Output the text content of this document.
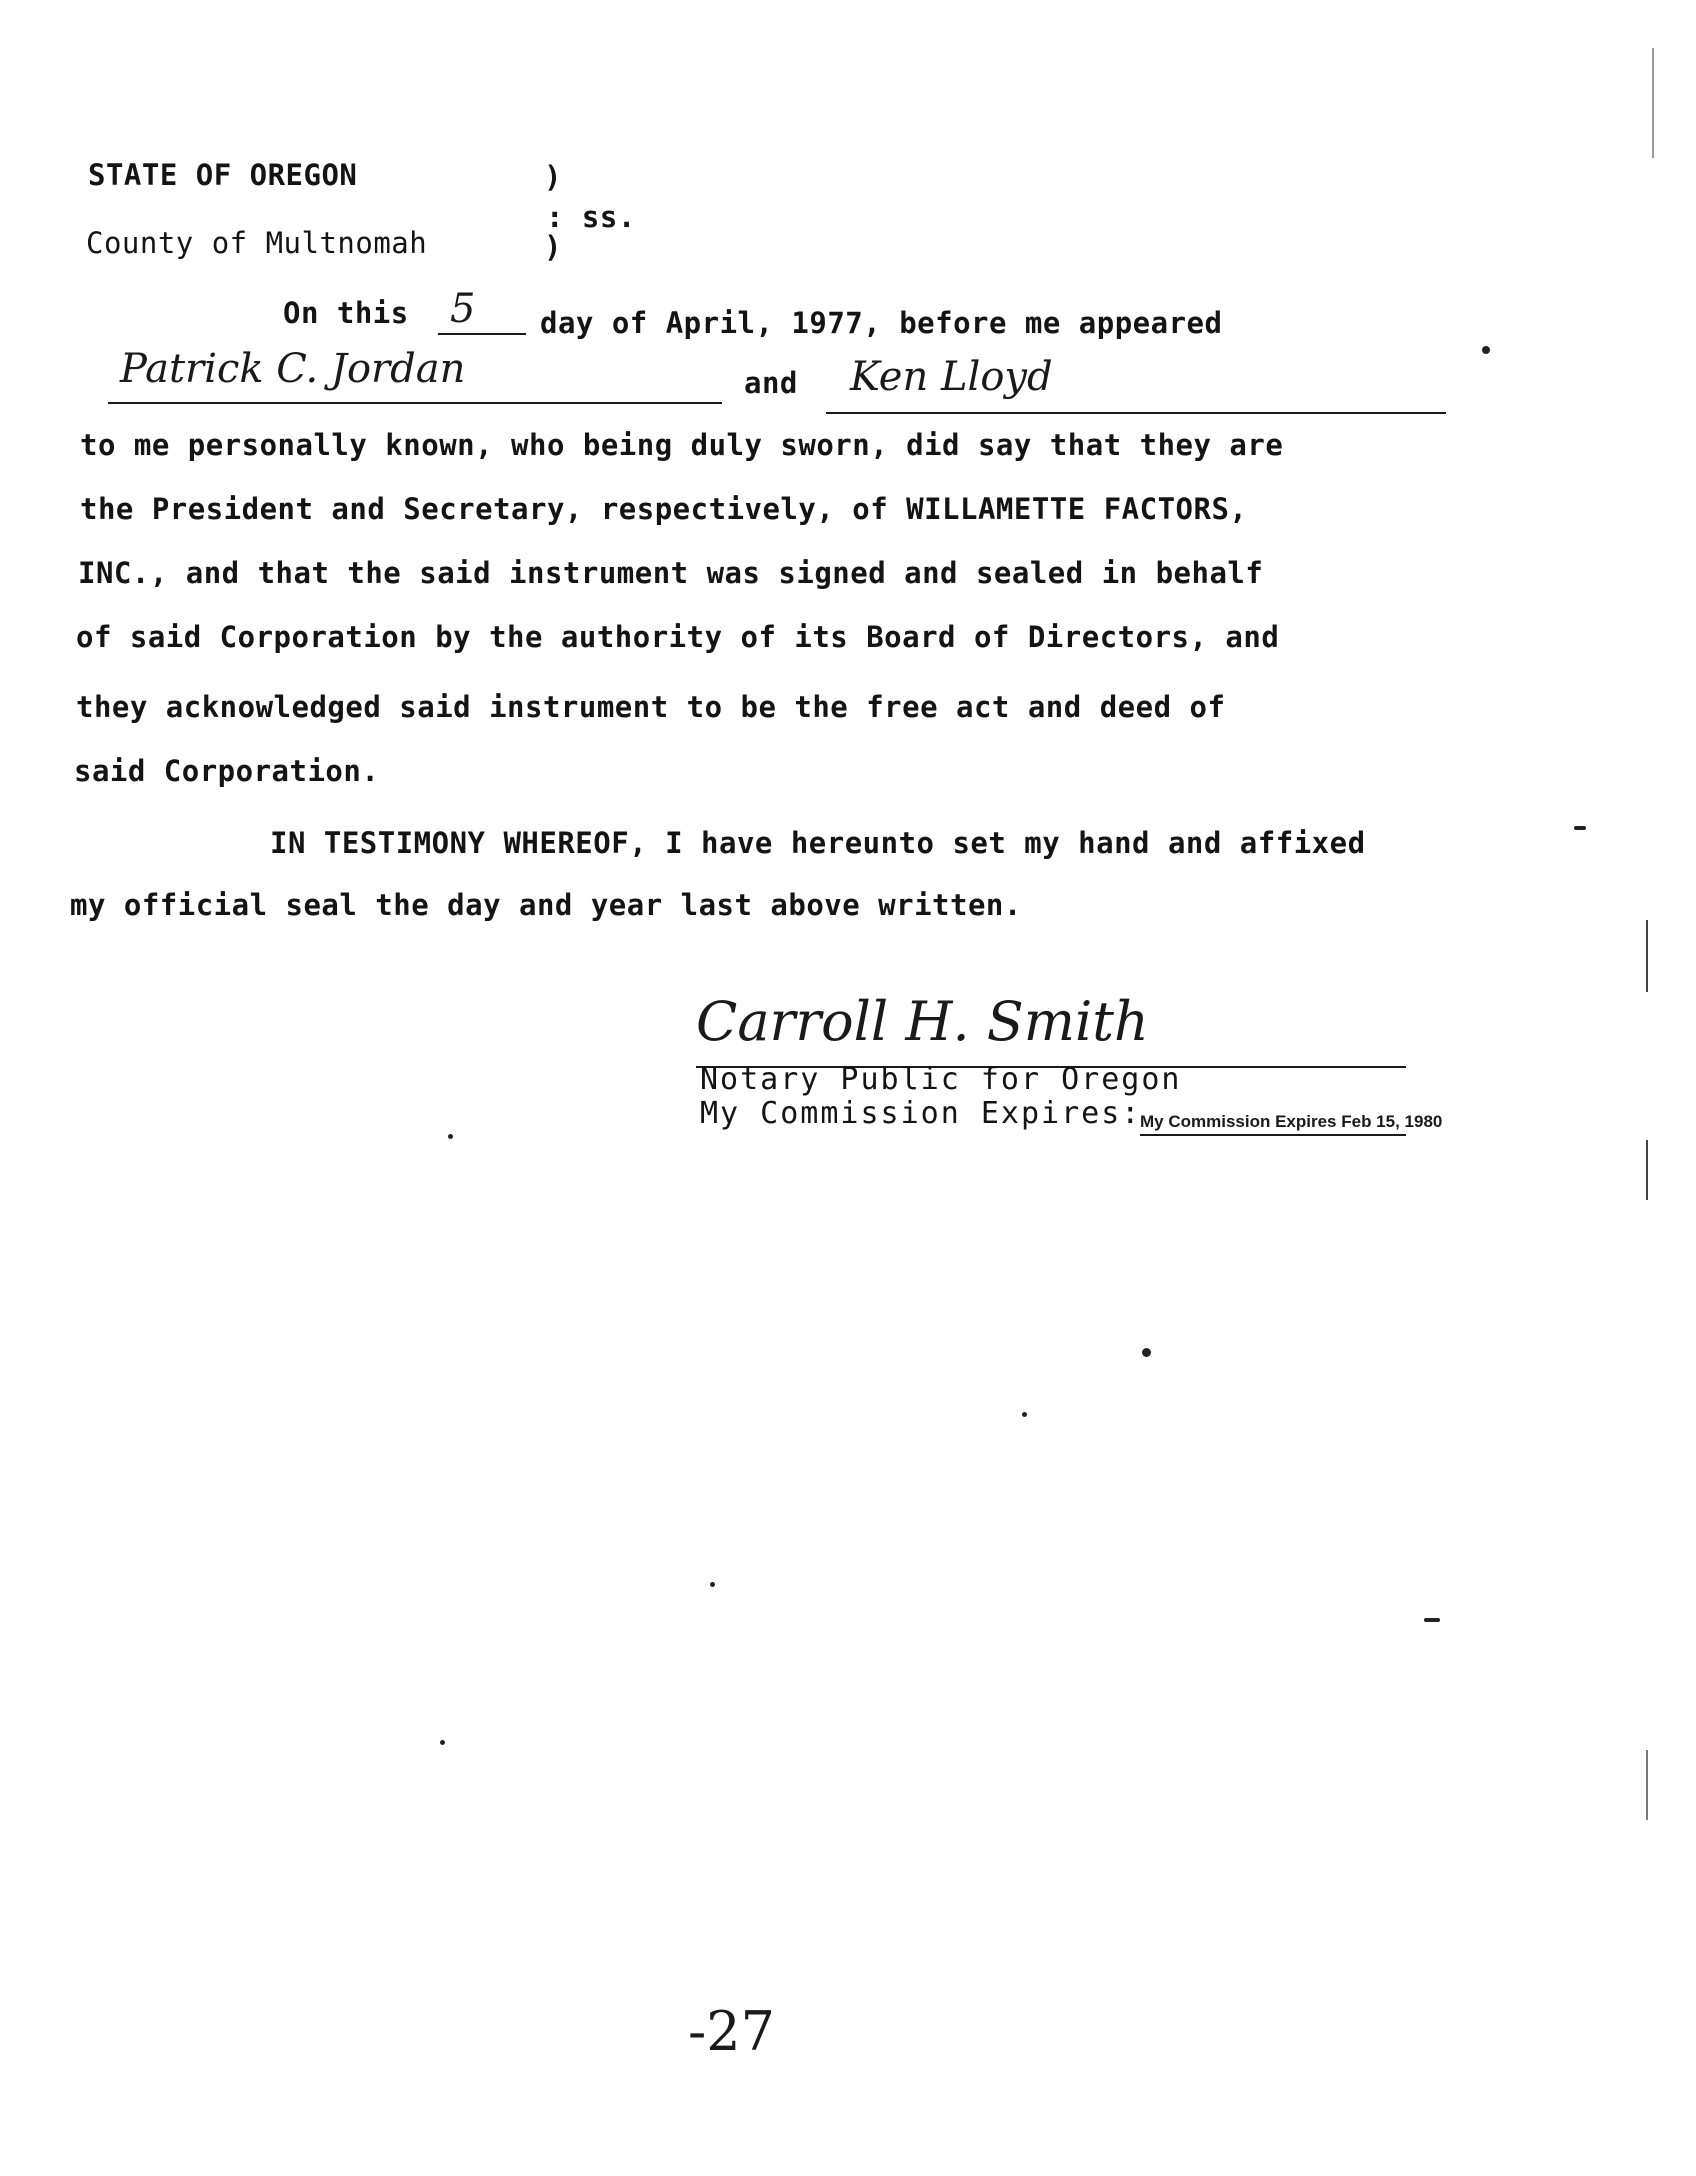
STATE OF OREGON	)
: ss.
County of Multnomah	)
On this 5 day of April, 1977, before me appeared
Patrick C. Jordan	and Ken Lloyd
to me personally known, who being duly sworn, did say that they are
the President and Secretary, respectively, of WILLAMETTE FACTORS,
INC., and that the said instrument was signed and sealed in behalf
of said Corporation by the authority of its Board of Directors, and
they acknowledged said instrument to be the free act and deed of
said Corporation.
IN TESTIMONY WHEREOF, I have hereunto set my hand and affixed
my official seal the day and year last above written.
Carroll H. Smith
Notary Public for Oregon
My Commission Expires:
My Commission Expires Feb 15, 1980
-27
